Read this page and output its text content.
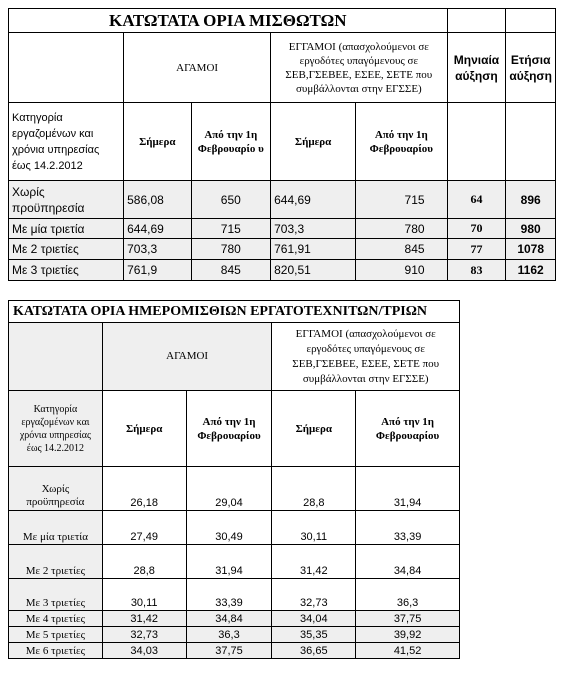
ΚΑΤΩΤΑΤΑ ΟΡΙΑ ΜΙΣΘΩΤΩΝ						
	ΑΓΑΜΟΙ		ΕΓΓΑΜΟΙ (απασχολούμενοι σε εργοδότες υπαγόμενους σε ΣΕΒ,ΓΣΕΒΕΕ, ΕΣΕΕ, ΣΕΤΕ που συμβάλλονται στην ΕΓΣΣΕ)		Μηνιαία αύξηση	Ετήσια αύξηση
Κατηγορία εργαζομένων και χρόνια υπηρεσίας έως 14.2.2012	Σήμερα	Από την 1η Φεβρουαρίο υ	Σήμερα	Από την 1η Φεβρουαρίου		
Χωρίς προϋπηρεσία	586,08	650	644,69	715	64	896
Με μία τριετία	644,69	715	703,3	780	70	980
Με 2 τριετίες	703,3	780	761,91	845	77	1078
Με 3 τριετίες	761,9	845	820,51	910	83	1162
ΚΑΤΩΤΑΤΑ ΟΡΙΑ ΗΜΕΡΟΜΙΣΘΙΩΝ ΕΡΓΑΤΟΤΕΧΝΙΤΩΝ/ΤΡΙΩΝ				
	ΑΓΑΜΟΙ		ΕΓΓΑΜΟΙ (απασχολούμενοι σε εργοδότες υπαγόμενους σε ΣΕΒ,ΓΣΕΒΕΕ, ΕΣΕΕ, ΣΕΤΕ που συμβάλλονται στην ΕΓΣΣΕ)	
Κατηγορία εργαζομένων και χρόνια υπηρεσίας έως 14.2.2012	Σήμερα	Από την 1η Φεβρουαρίου	Σήμερα	Από την 1η Φεβρουαρίου
Χωρίς προϋπηρεσία	26,18	29,04	28,8	31,94
Με μία τριετία	27,49	30,49	30,11	33,39
Με 2 τριετίες	28,8	31,94	31,42	34,84
Με 3 τριετίες	30,11	33,39	32,73	36,3
Με 4 τριετίες	31,42	34,84	34,04	37,75
Με 5 τριετίες	32,73	36,3	35,35	39,92
Με 6 τριετίες	34,03	37,75	36,65	41,52
